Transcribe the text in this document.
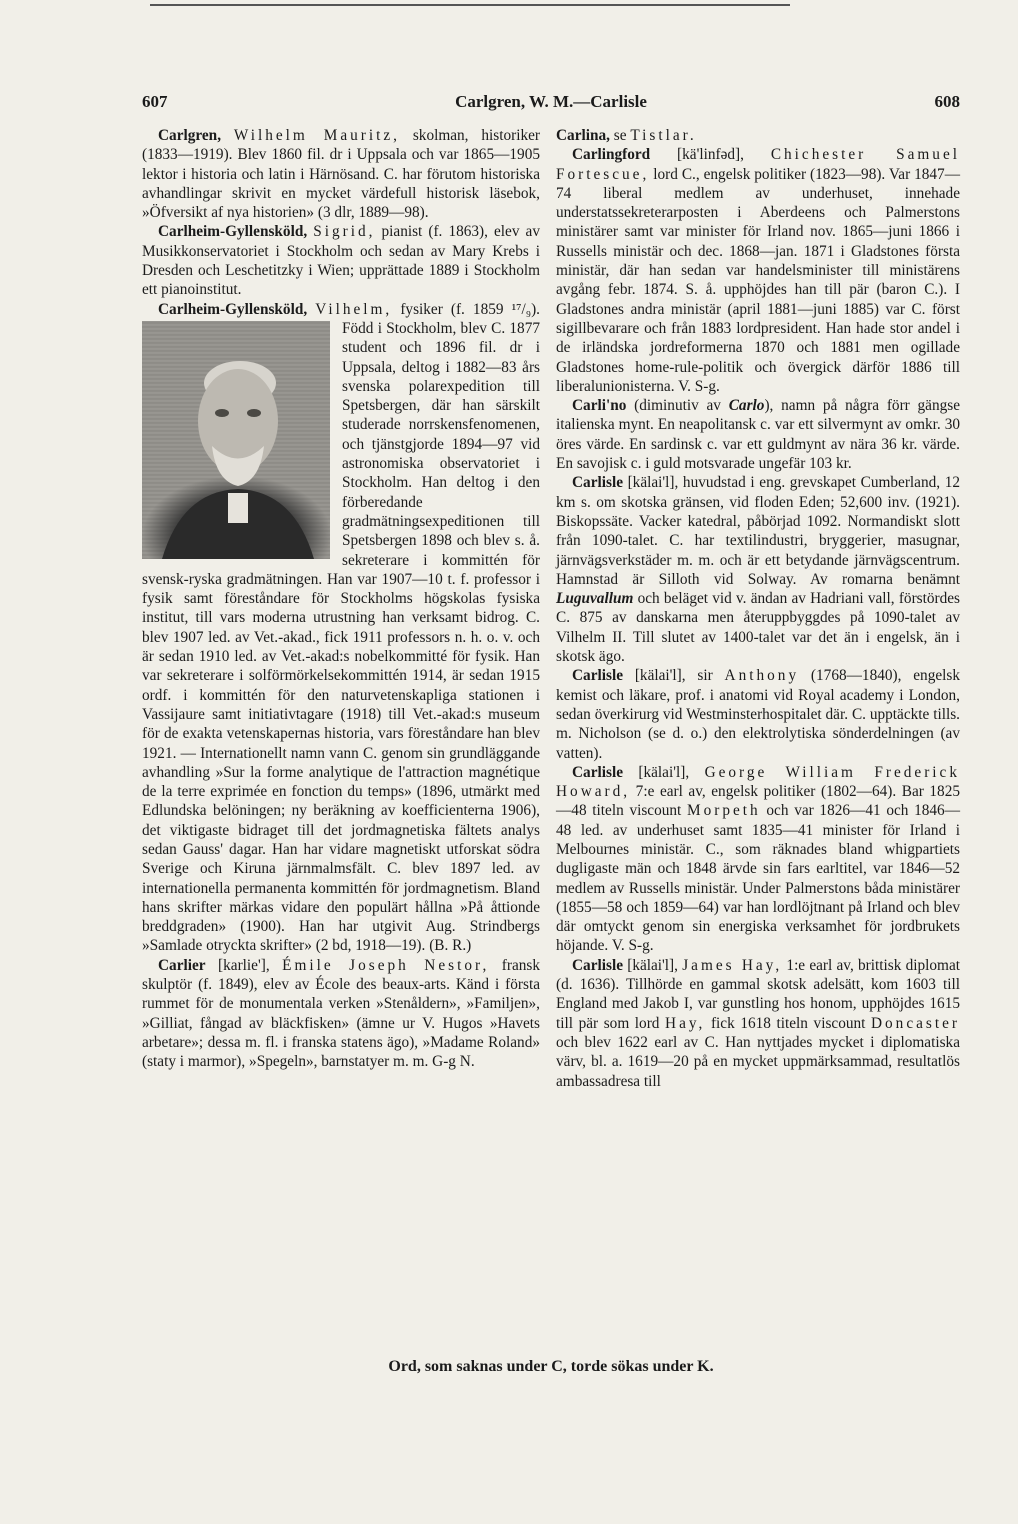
607	Carlgren, W. M.—Carlisle	608

Carlgren, Wilhelm Mauritz, skolman, historiker (1833—1919). Blev 1860 fil. dr i Uppsala och var 1865—1905 lektor i historia och latin i Härnösand. C. har förutom historiska avhandlingar skrivit en mycket värdefull historisk läsebok, »Öfversikt af nya historien» (3 dlr, 1889—98).

Carlheim-Gyllensköld, Sigrid, pianist (f. 1863), elev av Musikkonservatoriet i Stockholm och sedan av Mary Krebs i Dresden och Leschetitzky i Wien; upprättade 1889 i Stockholm ett pianoinstitut.

Carlheim-Gyllensköld, Vilhelm,
fysiker (f. 1859 ¹⁷/₉). Född i Stockholm, blev C. 1877 student och 1896 fil. dr i Uppsala, deltog i 1882—83 års svenska polarexpedition till Spetsbergen, där han särskilt studerade norrskensfenomenen, och tjänstgjorde 1894—97 vid astronomiska observatoriet i Stockholm. Han deltog i den förberedande gradmätningsexpeditionen till Spetsbergen 1898 och blev s. å. sekreterare i kommittén för svensk-ryska gradmätningen. Han var 1907—10 t. f. professor i fysik samt föreståndare för Stockholms högskolas fysiska institut, till vars moderna utrustning han verksamt bidrog. C. blev 1907 led. av Vet.-akad., fick 1911 professors n. h. o. v. och är sedan 1910 led. av Vet.-akad:s nobelkommitté för fysik. Han var sekreterare i solförmörkelsekommittén 1914, är sedan 1915 ordf. i kommittén för den naturvetenskapliga stationen i Vassijaure samt initiativtagare (1918) till Vet.-akad:s museum för de exakta vetenskapernas historia, vars föreståndare han blev 1921. — Internationellt namn vann C. genom sin grundläggande avhandling »Sur la forme analytique de l'attraction magnétique de la terre exprimée en fonction du temps» (1896, utmärkt med Edlundska belöningen; ny beräkning av koefficienterna 1906), det viktigaste bidraget till det jordmagnetiska fältets analys sedan Gauss' dagar. Han har vidare magnetiskt utforskat södra Sverige och Kiruna järnmalmsfält. C. blev 1897 led. av internationella permanenta kommittén för jordmagnetism. Bland hans skrifter märkas vidare den populärt hållna »På åttionde breddgraden» (1900). Han har utgivit Aug. Strindbergs »Samlade otryckta skrifter» (2 bd, 1918—19). (B. R.)

Carlier [karlie'], Émile Joseph Nestor, fransk skulptör (f. 1849), elev av École des beaux-arts. Känd i första rummet för de monumentala verken »Stenåldern», »Familjen», »Gilliat, fångad av bläckfisken» (ämne ur V. Hugos »Havets arbetare»; dessa m. fl. i franska statens ägo), »Madame Roland» (staty i marmor), »Spegeln», barnstatyer m. m. G-g N.

Carlina, se Tistlar.

Carlingford [kä'linfəd], Chichester Samuel Fortescue, lord C., engelsk politiker (1823—98). Var 1847—74 liberal medlem av underhuset, innehade understatssekreterarposten i Aberdeens och Palmerstons ministärer samt var minister för Irland nov. 1865—juni 1866 i Russells ministär och dec. 1868—jan. 1871 i Gladstones första ministär, där han sedan var handelsminister till ministärens avgång febr. 1874. S. å. upphöjdes han till pär (baron C.). I Gladstones andra ministär (april 1881—juni 1885) var C. först sigillbevarare och från 1883 lordpresident. Han hade stor andel i de irländska jordreformerna 1870 och 1881 men ogillade Gladstones home-rule-politik och övergick därför 1886 till liberalunionisterna. V. S-g.

Carli'no (diminutiv av Carlo), namn på några förr gängse italienska mynt. En neapolitansk c. var ett silvermynt av omkr. 30 öres värde. En sardinsk c. var ett guldmynt av nära 36 kr. värde. En savojisk c. i guld motsvarade ungefär 103 kr.

Carlisle [kälai'l], huvudstad i eng. grevskapet Cumberland, 12 km s. om skotska gränsen, vid floden Eden; 52,600 inv. (1921). Biskopssäte. Vacker katedral, påbörjad 1092. Normandiskt slott från 1090-talet. C. har textilindustri, bryggerier, masugnar, järnvägsverkstäder m. m. och är ett betydande järnvägscentrum. Hamnstad är Silloth vid Solway. Av romarna benämnt Luguvallum och beläget vid v. ändan av Hadriani vall, förstördes C. 875 av danskarna men återuppbyggdes på 1090-talet av Vilhelm II. Till slutet av 1400-talet var det än i engelsk, än i skotsk ägo.

Carlisle [kälai'l], sir Anthony (1768—1840), engelsk kemist och läkare, prof. i anatomi vid Royal academy i London, sedan överkirurg vid Westminsterhospitalet där. C. upptäckte tills. m. Nicholson (se d. o.) den elektrolytiska sönderdelningen (av vatten).

Carlisle [kälai'l], George William Frederick Howard, 7:e earl av, engelsk politiker (1802—64). Bar 1825—48 titeln viscount Morpeth och var 1826—41 och 1846—48 led. av underhuset samt 1835—41 minister för Irland i Melbournes ministär. C., som räknades bland whigpartiets dugligaste män och 1848 ärvde sin fars earltitel, var 1846—52 medlem av Russells ministär. Under Palmerstons båda ministärer (1855—58 och 1859—64) var han lordlöjtnant på Irland och blev där omtyckt genom sin energiska verksamhet för jordbrukets höjande. V. S-g.

Carlisle [kälai'l], James Hay, 1:e earl av, brittisk diplomat (d. 1636). Tillhörde en gammal skotsk adelsätt, kom 1603 till England med Jakob I, var gunstling hos honom, upphöjdes 1615 till pär som lord Hay, fick 1618 titeln viscount Doncaster och blev 1622 earl av C. Han nyttjades mycket i diplomatiska värv, bl. a. 1619—20 på en mycket uppmärksammad, resultatlös ambassadresa till

Ord, som saknas under C, torde sökas under K.
